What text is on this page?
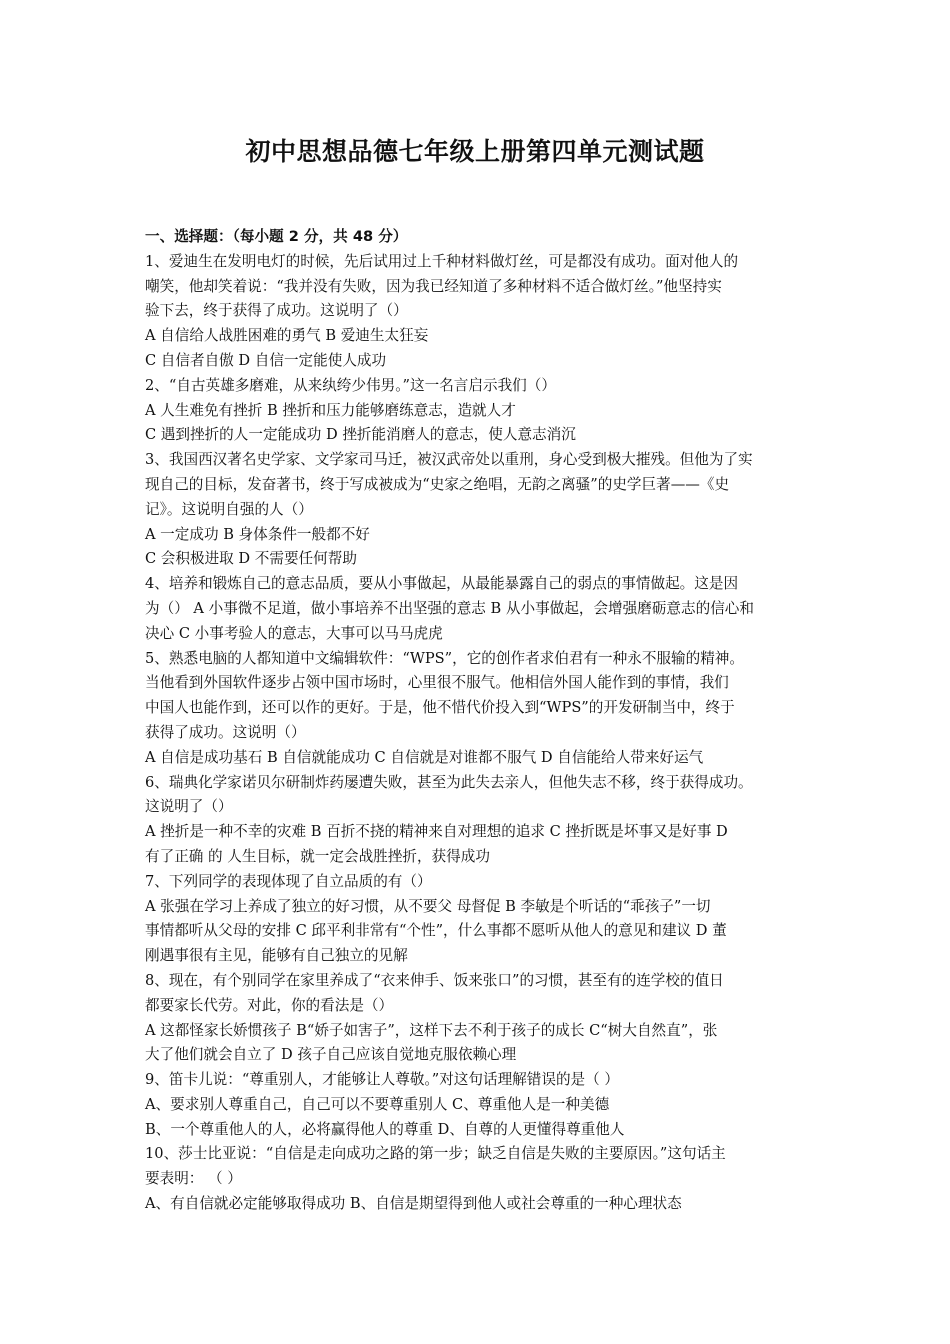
初中思想品德七年级上册第四单元测试题
一、选择题：（每小题 2 分，共 48 分）
1、爱迪生在发明电灯的时候，先后试用过上千种材料做灯丝，可是都没有成功。面对他人的
嘲笑，他却笑着说：“我并没有失败，因为我已经知道了多种材料不适合做灯丝。”他坚持实
验下去，终于获得了成功。这说明了（）
A 自信给人战胜困难的勇气 B 爱迪生太狂妄
C 自信者自傲 D 自信一定能使人成功
2、“自古英雄多磨难，从来纨绔少伟男。”这一名言启示我们（）
A 人生难免有挫折 B 挫折和压力能够磨练意志，造就人才
C 遇到挫折的人一定能成功 D 挫折能消磨人的意志，使人意志消沉
3、我国西汉著名史学家、文学家司马迁，被汉武帝处以重刑，身心受到极大摧残。但他为了实
现自己的目标，发奋著书，终于写成被成为“史家之绝唱，无韵之离骚”的史学巨著——《史
记》。这说明自强的人（）
A 一定成功 B 身体条件一般都不好
C 会积极进取 D 不需要任何帮助
4、培养和锻炼自己的意志品质，要从小事做起，从最能暴露自己的弱点的事情做起。这是因
为（） A 小事微不足道，做小事培养不出坚强的意志 B 从小事做起，会增强磨砺意志的信心和
决心 C 小事考验人的意志，大事可以马马虎虎
5、熟悉电脑的人都知道中文编辑软件：“WPS”，它的创作者求伯君有一种永不服输的精神。
当他看到外国软件逐步占领中国市场时，心里很不服气。他相信外国人能作到的事情，我们
中国人也能作到，还可以作的更好。于是，他不惜代价投入到“WPS”的开发研制当中，终于
获得了成功。这说明（）
A 自信是成功基石 B 自信就能成功 C 自信就是对谁都不服气 D 自信能给人带来好运气
6、瑞典化学家诺贝尔研制炸药屡遭失败，甚至为此失去亲人，但他失志不移，终于获得成功。
这说明了（）
A 挫折是一种不幸的灾难 B 百折不挠的精神来自对理想的追求 C 挫折既是坏事又是好事 D
有了正确 的 人生目标，就一定会战胜挫折，获得成功
7、下列同学的表现体现了自立品质的有（）
A 张强在学习上养成了独立的好习惯，从不要父 母督促 B 李敏是个听话的“乖孩子”一切
事情都听从父母的安排 C 邱平利非常有“个性”，什么事都不愿听从他人的意见和建议 D 董
刚遇事很有主见，能够有自己独立的见解
8、现在，有个别同学在家里养成了“衣来伸手、饭来张口”的习惯，甚至有的连学校的值日
都要家长代劳。对此，你的看法是（）
A 这都怪家长娇惯孩子 B“娇子如害子”，这样下去不利于孩子的成长 C“树大自然直”，张
大了他们就会自立了 D 孩子自己应该自觉地克服依赖心理
9、笛卡儿说：“尊重别人，才能够让人尊敬。”对这句话理解错误的是（ ）
A、要求别人尊重自己，自己可以不要尊重别人 C、尊重他人是一种美德
B、一个尊重他人的人，必将赢得他人的尊重 D、自尊的人更懂得尊重他人
10、莎士比亚说：“自信是走向成功之路的第一步；缺乏自信是失败的主要原因。”这句话主
要表明： （ ）
A、有自信就必定能够取得成功 B、自信是期望得到他人或社会尊重的一种心理状态
